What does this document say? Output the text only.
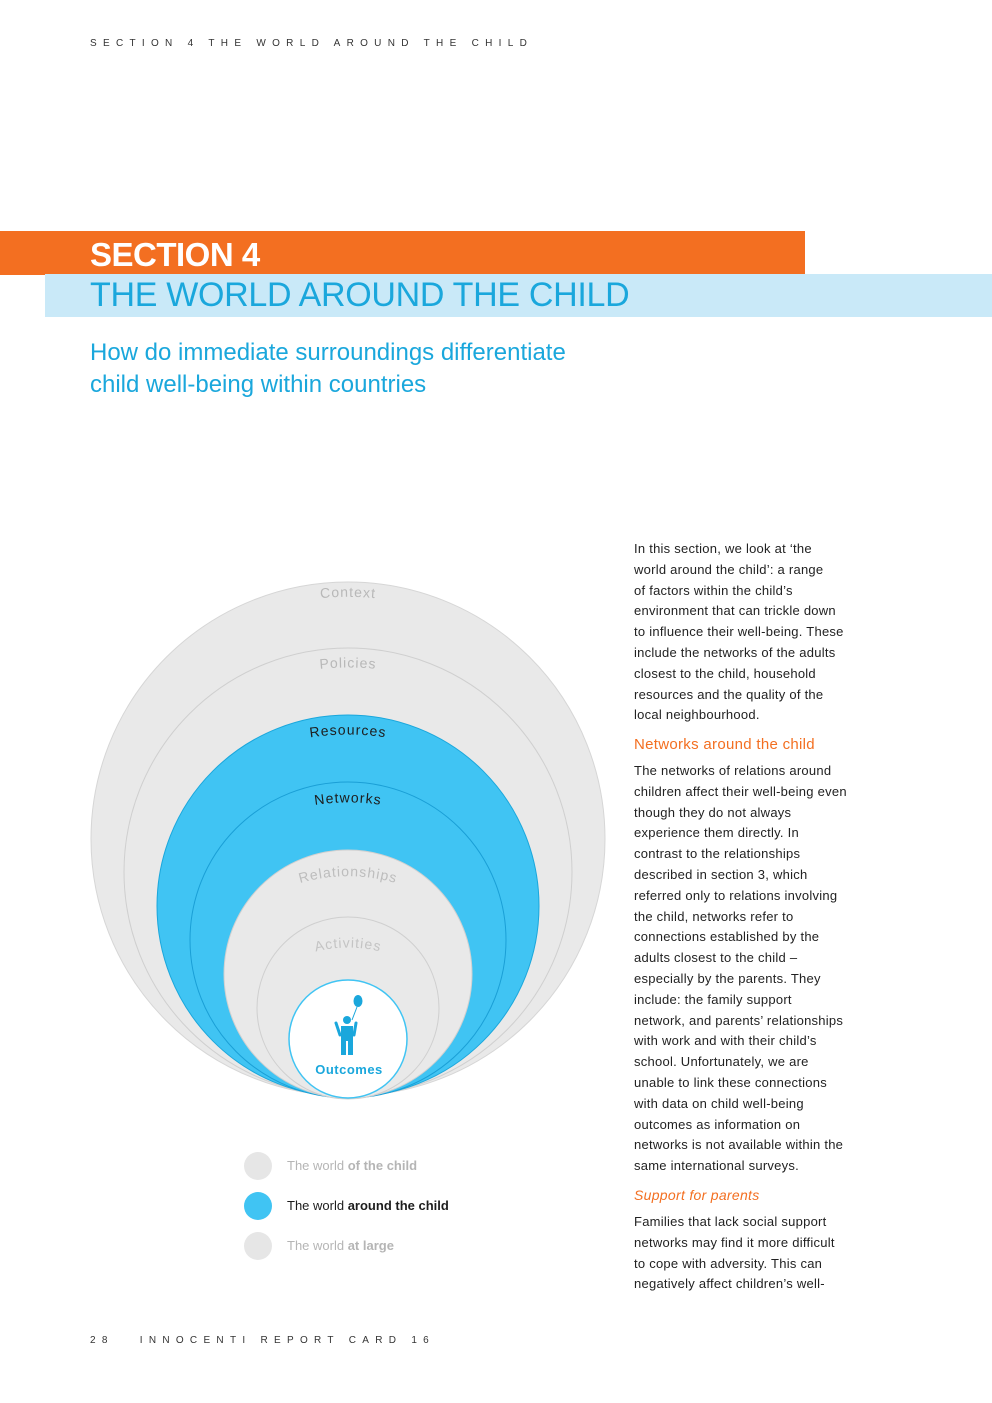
SECTION 4 THE WORLD AROUND THE CHILD
SECTION 4
THE WORLD AROUND THE CHILD
How do immediate surroundings differentiate
child well-being within countries
Context
Policies
Resources
Networks
Relationships
Activities
Outcomes
The world of the child
The world around the child
The world at large
In this section, we look at ‘the
world around the child’: a range
of factors within the child’s
environment that can trickle down
to influence their well-being. These
include the networks of the adults
closest to the child, household
resources and the quality of the
local neighbourhood.
Networks around the child
The networks of relations around
children affect their well-being even
though they do not always
experience them directly. In
contrast to the relationships
described in section 3, which
referred only to relations involving
the child, networks refer to
connections established by the
adults closest to the child –
especially by the parents. They
include: the family support
network, and parents’ relationships
with work and with their child’s
school. Unfortunately, we are
unable to link these connections
with data on child well-being
outcomes as information on
networks is not available within the
same international surveys.
Support for parents
Families that lack social support
networks may find it more difficult
to cope with adversity. This can
negatively affect children’s well-
28	INNOCENTI REPORT CARD 16
